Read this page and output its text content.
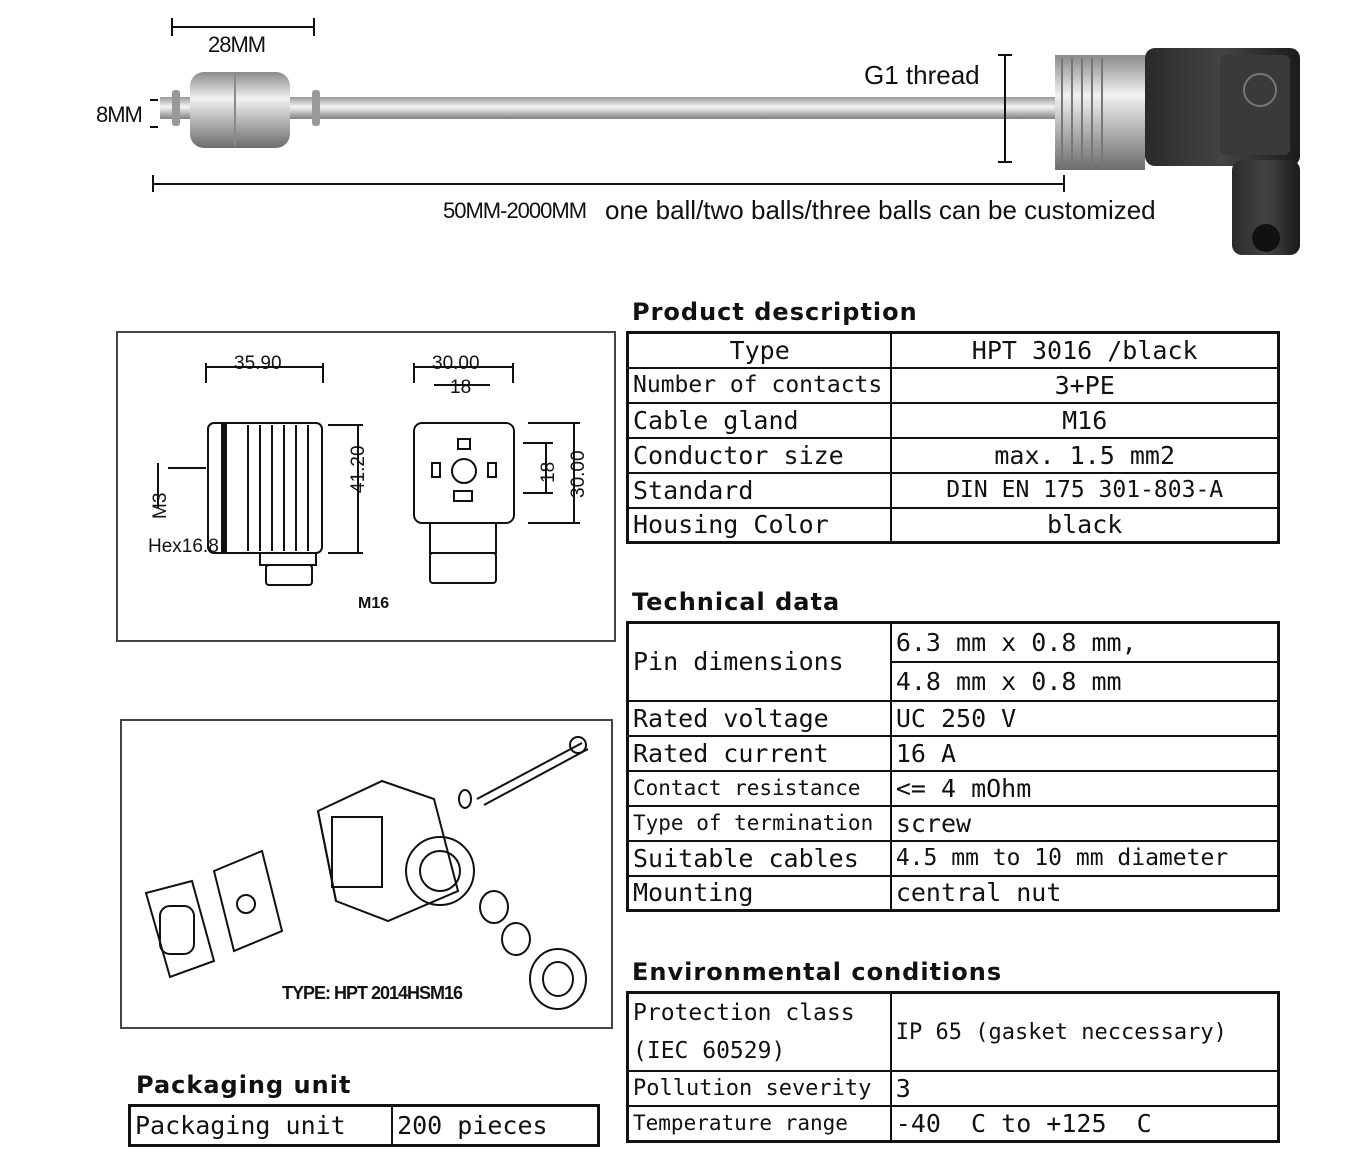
28MM
8MM
G1 thread
50MM-2000MM one ball/two balls/three balls can be customized
35.90	30.00
18
41.20	18 30.00
M3
Hex16.8
M16
TYPE: HPT 2014HSM16
Product description
Type	HPT 3016 /black
Number of contacts	3+PE
Cable gland	M16
Conductor size	max. 1.5 mm2
Standard	DIN EN 175 301-803-A
Housing Color	black
Technical data
Pin dimensions	6.3 mm x 0.8 mm,
	4.8 mm x 0.8 mm
Rated voltage	UC 250 V
Rated current	16 A
Contact resistance	<= 4 mOhm
Type of termination	screw
Suitable cables	4.5 mm to 10 mm diameter
Mounting	central nut
Environmental conditions
Protection class
(IEC 60529)	IP 65 (gasket neccessary)
Pollution severity	3
Temperature range	-40  C to +125  C
Packaging unit
Packaging unit	200 pieces
